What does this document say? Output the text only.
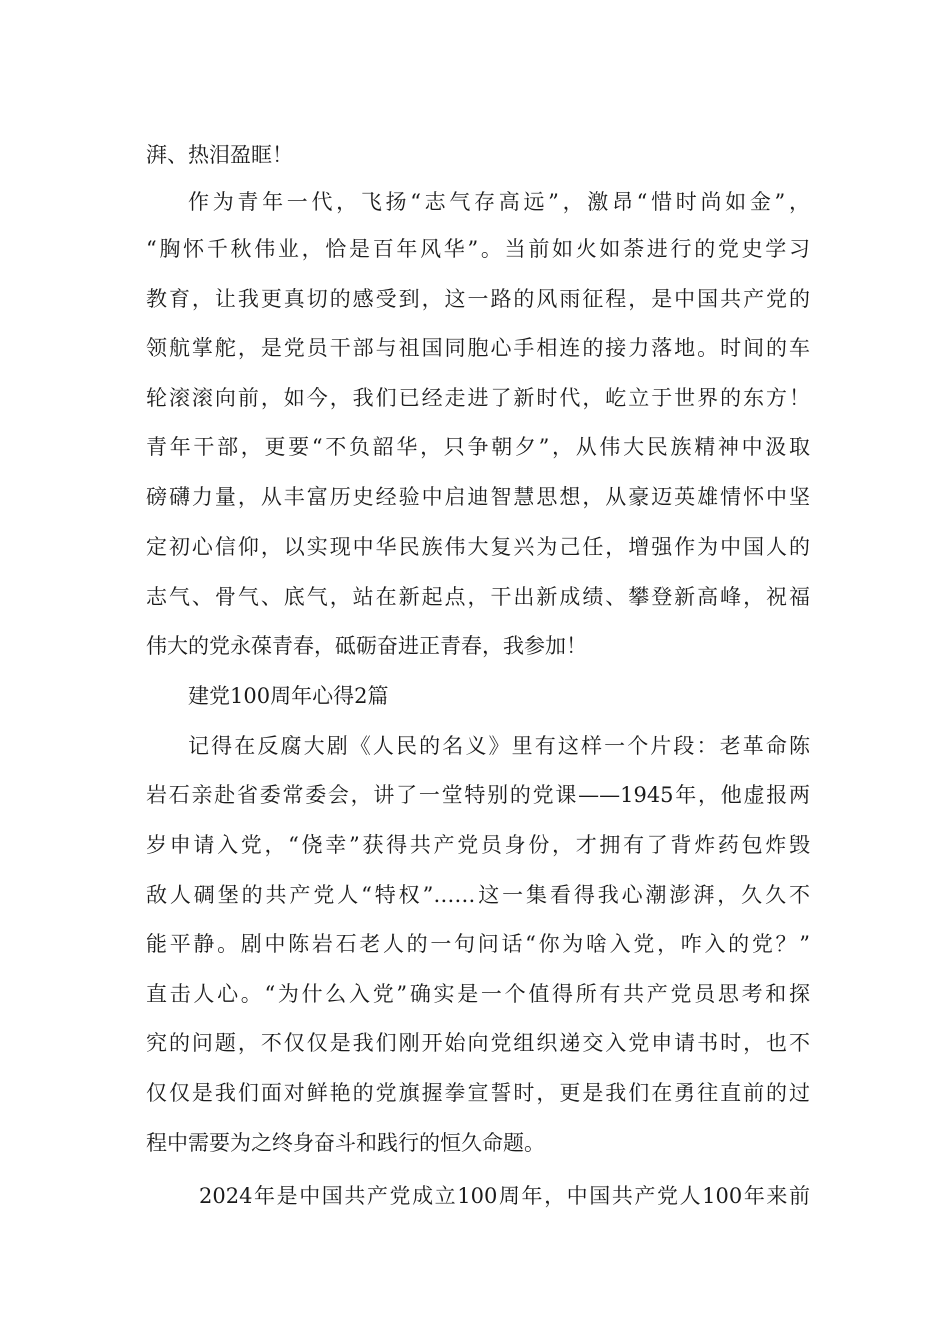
湃、热泪盈眶！
作为青年一代，飞扬“志气存高远”，激昂“惜时尚如金”，
“胸怀千秋伟业，恰是百年风华”。当前如火如荼进行的党史学习
教育，让我更真切的感受到，这一路的风雨征程，是中国共产党的
领航掌舵，是党员干部与祖国同胞心手相连的接力落地。时间的车
轮滚滚向前，如今，我们已经走进了新时代，屹立于世界的东方！
青年干部，更要“不负韶华，只争朝夕”，从伟大民族精神中汲取
磅礴力量，从丰富历史经验中启迪智慧思想，从豪迈英雄情怀中坚
定初心信仰，以实现中华民族伟大复兴为己任，增强作为中国人的
志气、骨气、底气，站在新起点，干出新成绩、攀登新高峰，祝福
伟大的党永葆青春，砥砺奋进正青春，我参加！
建党100周年心得2篇
记得在反腐大剧《人民的名义》里有这样一个片段：老革命陈
岩石亲赴省委常委会，讲了一堂特别的党课——1945年，他虚报两
岁申请入党，“侥幸”获得共产党员身份，才拥有了背炸药包炸毁
敌人碉堡的共产党人“特权”……这一集看得我心潮澎湃，久久不
能平静。剧中陈岩石老人的一句问话“你为啥入党，咋入的党？”
直击人心。“为什么入党”确实是一个值得所有共产党员思考和探
究的问题，不仅仅是我们刚开始向党组织递交入党申请书时，也不
仅仅是我们面对鲜艳的党旗握拳宣誓时，更是我们在勇往直前的过
程中需要为之终身奋斗和践行的恒久命题。
2024年是中国共产党成立100周年，中国共产党人100年来前
